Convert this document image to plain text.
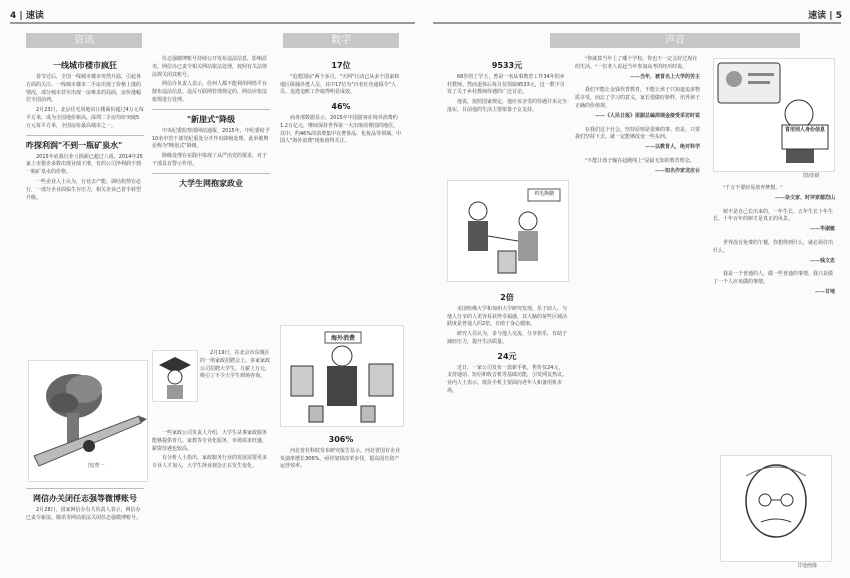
4 | 速读
资讯	数字
一线城市楼市疯狂

春节过后，全国一线城市楼市突然升温，引起各方面的关注。一线城市楼市二手房出现了价格上涨的情况，部分城市甚至出现一房难求的局面，房价涨幅居全国前列。

2月23日，北京住宅用地出让楼面价超过4万元每平方米，成为全国地价新高。深圳二手房均价突破5万元每平方米，全国房价最高城市之一。

咋探利润"不到一瓶矿泉水"

2015年底我行业亏损面已超过八成。2014年25家上市猪企多数出现业绩下滑，有的公司净利润不到一瓶矿泉水的价格。

一些企业人士认为，行业去产能、调结构势在必行，一部分企业面临生存压力，相关企业已着手转型升级。

图/曹一
网信办关闭任志强等微博账号

2月28日，国家网信办有关负责人表示，网信办已责令新浪、腾讯等网站依法关闭任志强微博账号。

任志强微博账号持续公开发布违法信息，影响恶劣。网信办已责令相关网站依法处理，按照有关法律法规关闭其账号。

网信办负责人表示，任何人都不能利用网络平台散布违法信息，违反互联网管理规定的，网站应依法依规进行处理。

"新崖式"降级

中央纪委监察部网站通报，2015年，中纪委给予10名中管干部党纪重处分并作出降级处理，此举被舆论称为"断崖式"降级。

降级处理在实践中体现了从严治党的要求，对于干部具有警示作用。

大学生网抱家政业

2月19日，在北京市东城区的一场家政招聘会上，多家家政公司招聘大学生，月薪上万元，吸引了不少大学生到场咨询。

一些家政公司负责人介绍，大学生从事家政服务能够提供育儿、家教等专业化服务，市场需求旺盛，薪资待遇也较高。

有分析人士指出，家政服务行业的发展需要更多专业人才加入，大学生择业观念正在发生变化。

17位

"追逃国际"两个多月，"天网"行动已从多个国家和地区缉捕外逃人员，其中17位为"百名红色通缉令"人员。追逃追赃工作取得明显成效。

46%

商务部数据显示，2015年中国游客在境外消费约1.2万亿元，继续保持世界第一大出境消费国的地位。其中，约46%的消费集中在奢侈品、化妆品等领域，中国人"海外消费"现象值得关注。

海外消费
306%

河北省社科院发布研究报告显示，河北省国有企业负债率增长306%，亟待加快改革步伐，提高国有资产运营效率。

速读 | 5
声音
9533元

68岁的丁学玉，曾是一名从事教育工作34年的乡村教师。然而退休后每月仅领取9533元，这一数字引发了关于乡村教师待遇的广泛讨论。

他说，按照国家规定，他应该享受的待遇并未完全落实。目前他的生活主要依靠子女支持。

鸡毛换糖
2倍

美国哈佛大学和加州大学研究发现，乐于助人、与他人分享的人更容易获得幸福感，其大脑的某些区域活跃度是普通人的2倍，有助于身心健康。

研究人员认为，多与他人交流、分享快乐，有助于减轻压力，提升生活质量。

24元

近日，一家公司发布一款新手机，售价仅24元，支持通话、短信和收音机等基础功能，引发网友热议。业内人士表示，低价手机主要面向老年人和备用机市场。

"你就算当年上了哪个学校，你也不一定会好过现在的生活。"一位老人说起当年参加高考的经历时说。

——当年，被冒名上大学的苦主

我们不能让金钱代替教育，不能让孩子只知道追求物质享受，而忘了学习的意义。家长要做好榜样，培养孩子正确的价值观。

——《人民日报》原副总编周瑞金接受采访时说

在我们这个社会，坚持原则是很难的事。但是，只要我们坚持下去，就一定能够改变一些东西。

——以教育人，绝对科学

"不能让孩子输在起跑线上"是最无知的教育理念。

——知名作家龙应台
冒用别人身份信息
图/徐猷

"千万不要轻易放弃梦想。"

——杂文家、时评家鄢烈山

树不是自己长出来的，一年生长，五年生长十年生长，十年百年的树才是真正的风景。

——毕淑敏

世界没有免费的午餐，你想得到什么，就必须付出什么。

——钱文忠

我是一个普通的人，做一些普通的事情。我只是做了一个人应该做的事情。

——甘地
甘地画像
